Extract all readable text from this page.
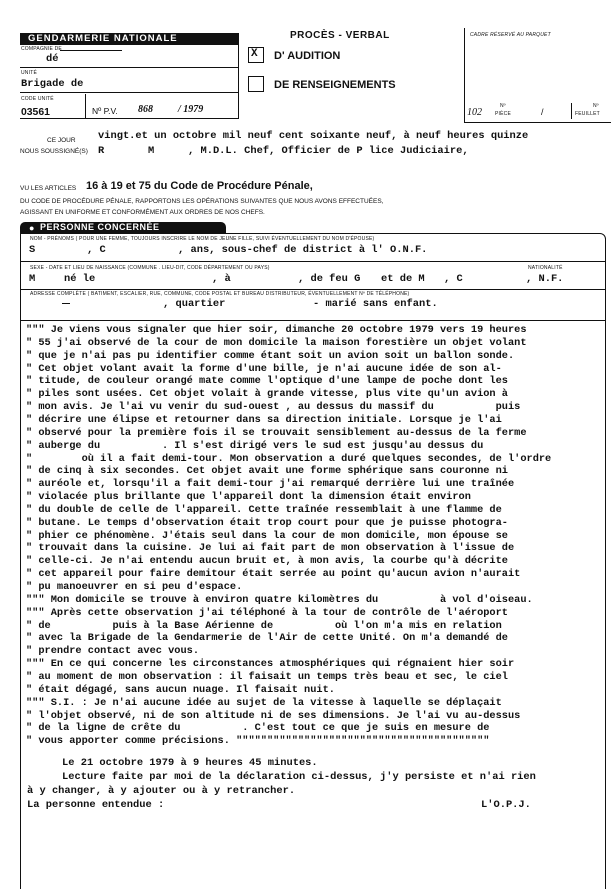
GENDARMERIE NATIONALE
COMPAGNIE DE
dé
UNITÉ
Brigade de
CODE UNITÉ
03561	Nº P.V. 868	/ 1979
PROCÈS - VERBAL
X D' AUDITION
DE RENSEIGNEMENTS
CADRE RÉSERVÉ AU PARQUET
102
Nº
PIÈCE	/
Nº
FEUILLET
CE JOUR vingt.et un octobre mil neuf cent soixante neuf, à neuf heures quinze
NOUS SOUSSIGNÉ(S) R	M	, M.D.L. Chef, Officier de P lice Judiciaire,
VU LES ARTICLES 16 à 19 et 75 du Code de Procédure Pénale,
DU CODE DE PROCÉDURE PÉNALE, RAPPORTONS LES OPÉRATIONS SUIVANTES QUE NOUS AVONS EFFECTUÉES,
AGISSANT EN UNIFORME ET CONFORMÉMENT AUX ORDRES DE NOS CHEFS.
● PERSONNE CONCERNÉE
NOM - PRÉNOMS ( POUR UNE FEMME, TOUJOURS INSCRIRE LE NOM DE JEUNE FILLE, SUIVI ÉVENTUELLEMENT DU NOM D'ÉPOUSE)
S	, C	, ans, sous-chef de district à l' O.N.F.
SEXE - DATE ET LIEU DE NAISSANCE (COMMUNE . LIEU-DIT, CODE DÉPARTEMENT OU PAYS)	NATIONALITÉ
M	né le	, à	, de feu G et de M , C	, N.F.
ADRESSE COMPLÈTE ( BATIMENT, ESCALIER, RUE, COMMUNE, CODE POSTAL ET BUREAU DISTRIBUTEUR, ÉVENTUELLEMENT Nº DE TÉLÉPHONE)
, quartier	- marié sans enfant.
""" Je viens vous signaler que hier soir, dimanche 20 octobre 1979 vers 19 heures
" 55 j'ai observé de la cour de mon domicile la maison forestière un objet volant
" que je n'ai pas pu identifier comme étant soit un avion soit un ballon sonde.
" Cet objet volant avait la forme d'une bille, je n'ai aucune idée de son al-
" titude, de couleur orangé mate comme l'optique d'une lampe de poche dont les
" piles sont usées. Cet objet volait à grande vitesse, plus vite qu'un avion à
" mon avis. Je l'ai vu venir du sud-ouest , au dessus du massif du          puis
" décrire une élipse et retourner dans sa direction initiale. Lorsque je l'ai
" observé pour la première fois il se trouvait sensiblement au-dessus de la ferme
" auberge du          . Il s'est dirigé vers le sud est jusqu'au dessus du
"        où il a fait demi-tour. Mon observation a duré quelques secondes, de l'ordre
" de cinq à six secondes. Cet objet avait une forme sphérique sans couronne ni
" auréole et, lorsqu'il a fait demi-tour j'ai remarqué derrière lui une traînée
" violacée plus brillante que l'appareil dont la dimension était environ
" du double de celle de l'appareil. Cette traînée ressemblait à une flamme de
" butane. Le temps d'observation était trop court pour que je puisse photogra-
" phier ce phénomène. J'étais seul dans la cour de mon domicile, mon épouse se
" trouvait dans la cuisine. Je lui ai fait part de mon observation à l'issue de
" celle-ci. Je n'ai entendu aucun bruit et, à mon avis, la courbe qu'à décrite
" cet appareil pour faire demitour était serrée au point qu'aucun avion n'aurait
" pu manoeuvrer en si peu d'espace.
""" Mon domicile se trouve à environ quatre kilomètres du          à vol d'oiseau.
""" Après cette observation j'ai téléphoné à la tour de contrôle de l'aéroport
" de          puis à la Base Aérienne de          où l'on m'a mis en relation
" avec la Brigade de la Gendarmerie de l'Air de cette Unité. On m'a demandé de
" prendre contact avec vous.
""" En ce qui concerne les circonstances atmosphériques qui régnaient hier soir
" au moment de mon observation : il faisait un temps très beau et sec, le ciel
" était dégagé, sans aucun nuage. Il faisait nuit.
""" S.I. : Je n'ai aucune idée au sujet de la vitesse à laquelle se déplaçait
" l'objet observé, ni de son altitude ni de ses dimensions. Je l'ai vu au-dessus
" de la ligne de crête du          . C'est tout ce que je suis en mesure de
" vous apporter comme précisions. """""""""""""""""""""""""""""""""""""""""
Le 21 octobre 1979 à 9 heures 45 minutes.
Lecture faite par moi de la déclaration ci-dessus, j'y persiste et n'ai rien
à y changer, à y ajouter ou à y retrancher.
La personne entendue :	L'O.P.J.
